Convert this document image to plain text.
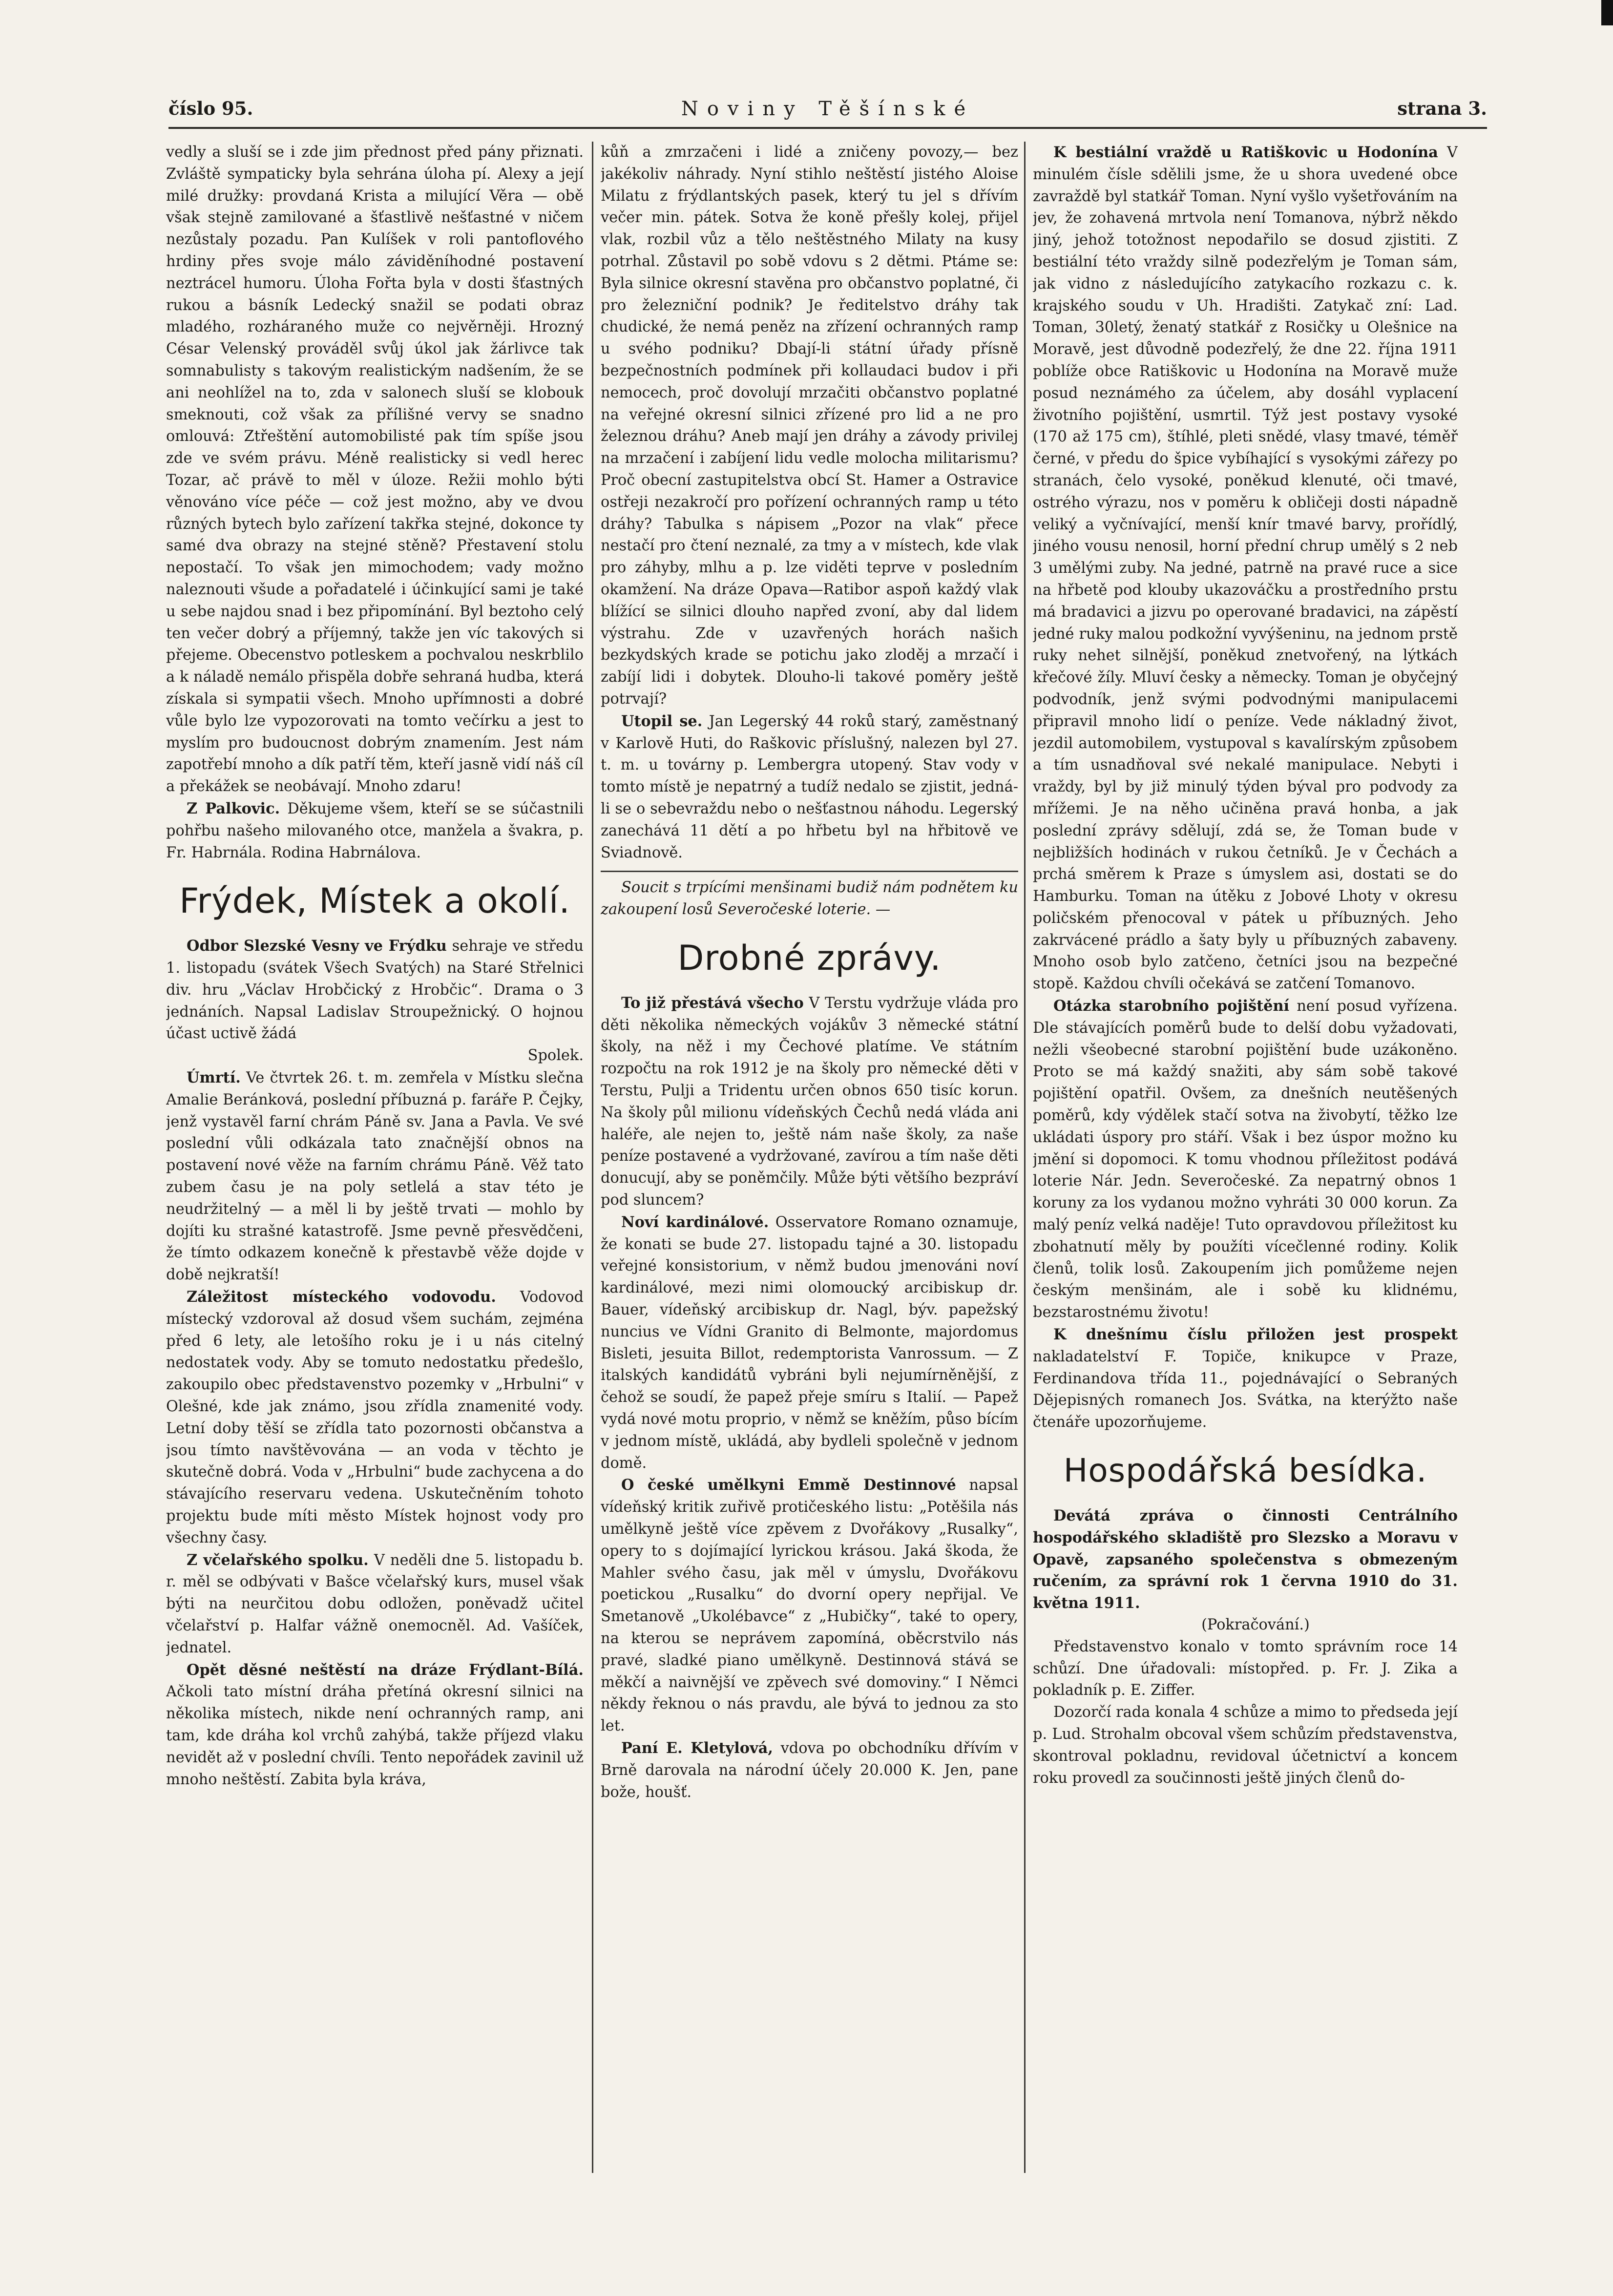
číslo 95.	Noviny Těšínské	strana 3.

vedly a sluší se i zde jim přednost před pány přiznati. Zvláště sympaticky byla sehrána úloha pí. Alexy a její milé družky: provdaná Krista a milující Věra — obě však stejně zamilované a šťastlivě nešťastné v ničem nezůstaly pozadu. Pan Kulíšek v roli pantoflového hrdiny přes svoje málo záviděníhodné postavení neztrácel humoru. Úloha Fořta byla v dosti šťastných rukou a básník Ledecký snažil se podati obraz mladého, rozháraného muže co nejvěrněji. Hrozný César Velenský prováděl svůj úkol jak žárlivce tak somnabulisty s takovým realistickým nadšením, že se ani neohlížel na to, zda v salonech sluší se klobouk smeknouti, což však za přílišné vervy se snadno omlouvá: Ztřeštění automobilisté pak tím spíše jsou zde ve svém právu. Méně realisticky si vedl herec Tozar, ač právě to měl v úloze. Režii mohlo býti věnováno více péče — což jest možno, aby ve dvou různých bytech bylo zařízení takřka stejné, dokonce ty samé dva obrazy na stejné stěně? Přestavení stolu nepostačí. To však jen mimochodem; vady možno naleznouti všude a pořadatelé i účinkující sami je také u sebe najdou snad i bez připomínání. Byl beztoho celý ten večer dobrý a příjemný, takže jen víc takových si přejeme. Obecenstvo potleskem a pochvalou neskrblilo a k náladě nemálo přispěla dobře sehraná hudba, která získala si sympatii všech. Mnoho upřímnosti a dobré vůle bylo lze vypozorovati na tomto večírku a jest to myslím pro budoucnost dobrým znamením. Jest nám zapotřebí mnoho a dík patří těm, kteří jasně vidí náš cíl a překážek se neobávají. Mnoho zdaru!

Z Palkovic. Děkujeme všem, kteří se se súčastnili pohřbu našeho milovaného otce, manžela a švakra, p. Fr. Habrnála. Rodina Habrnálova.

Frýdek, Místek a okolí.

Odbor Slezské Vesny ve Frýdku sehraje ve středu 1. listopadu (svátek Všech Svatých) na Staré Střelnici div. hru „Václav Hrobčický z Hrobčic“. Drama o 3 jednáních. Napsal Ladislav Stroupežnický. O hojnou účast uctivě žádá

Spolek.

Úmrtí. Ve čtvrtek 26. t. m. zemřela v Místku slečna Amalie Beránková, poslední příbuzná p. faráře P. Čejky, jenž vystavěl farní chrám Páně sv. Jana a Pavla. Ve své poslední vůli odkázala tato značnější obnos na postavení nové věže na farním chrámu Páně. Věž tato zubem času je na poly setlelá a stav této je neudržitelný — a měl li by ještě trvati — mohlo by dojíti ku strašné katastrofě. Jsme pevně přesvědčeni, že tímto odkazem konečně k přestavbě věže dojde v době nejkratší!

Záležitost místeckého vodovodu. Vodovod místecký vzdoroval až dosud všem suchám, zejména před 6 lety, ale letošího roku je i u nás citelný nedostatek vody. Aby se tomuto nedostatku předešlo, zakoupilo obec představenstvo pozemky v „Hrbulni“ v Olešné, kde jak známo, jsou zřídla znamenité vody. Letní doby těší se zřídla tato pozornosti občanstva a jsou tímto navštěvována — an voda v těchto je skutečně dobrá. Voda v „Hrbulni“ bude zachycena a do stávajícího reservaru vedena. Uskutečněním tohoto projektu bude míti město Místek hojnost vody pro všechny časy.

Z včelařského spolku. V neděli dne 5. listopadu b. r. měl se odbývati v Bašce včelařský kurs, musel však býti na neurčitou dobu odložen, poněvadž učitel včelařství p. Halfar vážně onemocněl. Ad. Vašíček, jednatel.

Opět děsné neštěstí na dráze Frýdlant-Bílá. Ačkoli tato místní dráha přetíná okresní silnici na několika místech, nikde není ochranných ramp, ani tam, kde dráha kol vrchů zahýbá, takže příjezd vlaku nevidět až v poslední chvíli. Tento nepořádek zavinil už mnoho neštěstí. Zabita byla kráva,

kůň a zmrzačeni i lidé a zničeny povozy,— bez jakékoliv náhrady. Nyní stihlo neštěstí jistého Aloise Milatu z frýdlantských pasek, který tu jel s dřívím večer min. pátek. Sotva že koně přešly kolej, přijel vlak, rozbil vůz a tělo neštěstného Milaty na kusy potrhal. Zůstavil po sobě vdovu s 2 dětmi. Ptáme se: Byla silnice okresní stavěna pro občanstvo poplatné, či pro železniční podnik? Je ředitelstvo dráhy tak chudické, že nemá peněz na zřízení ochranných ramp u svého podniku? Dbají-li státní úřady přísně bezpečnostních podmínek při kollaudaci budov i při nemocech, proč dovolují mrzačiti občanstvo poplatné na veřejné okresní silnici zřízené pro lid a ne pro železnou dráhu? Aneb mají jen dráhy a závody privilej na mrzačení i zabíjení lidu vedle molocha militarismu? Proč obecní zastupitelstva obcí St. Hamer a Ostravice ostřeji nezakročí pro pořízení ochranných ramp u této dráhy? Tabulka s nápisem „Pozor na vlak“ přece nestačí pro čtení neznalé, za tmy a v místech, kde vlak pro záhyby, mlhu a p. lze viděti teprve v posledním okamžení. Na dráze Opava—Ratibor aspoň každý vlak blížící se silnici dlouho napřed zvoní, aby dal lidem výstrahu. Zde v uzavřených horách našich bezkydských krade se potichu jako zloděj a mrzačí i zabíjí lidi i dobytek. Dlouho-li takové poměry ještě potrvají?

Utopil se. Jan Legerský 44 roků starý, zaměstnaný v Karlově Huti, do Raškovic příslušný, nalezen byl 27. t. m. u továrny p. Lembergra utopený. Stav vody v tomto místě je nepatrný a tudíž nedalo se zjistit, jedná-li se o sebevraždu nebo o nešťastnou náhodu. Legerský zanechává 11 dětí a po hřbetu byl na hřbitově ve Sviadnově.

Soucit s trpícími menšinami budiž nám podnětem ku zakoupení losů Severočeské loterie. —

Drobné zprávy.

To již přestává všecho V Terstu vydržuje vláda pro děti několika německých vojákův 3 německé státní školy, na něž i my Čechové platíme. Ve státním rozpočtu na rok 1912 je na školy pro německé děti v Terstu, Pulji a Tridentu určen obnos 650 tisíc korun. Na školy půl milionu vídeňských Čechů nedá vláda ani haléře, ale nejen to, ještě nám naše školy, za naše peníze postavené a vydržované, zavírou a tím naše děti donucují, aby se poněmčily. Může býti většího bezpráví pod sluncem?

Noví kardinálové. Osservatore Romano oznamuje, že konati se bude 27. listopadu tajné a 30. listopadu veřejné konsistorium, v němž budou jmenováni noví kardinálové, mezi nimi olomoucký arcibiskup dr. Bauer, vídeňský arcibiskup dr. Nagl, býv. papežský nuncius ve Vídni Granito di Belmonte, majordomus Bisleti, jesuita Billot, redemptorista Vanrossum. — Z italských kandidátů vybráni byli nejumírněnější, z čehož se soudí, že papež přeje smíru s Italií. — Papež vydá nové motu proprio, v němž se kněžím, půso bícím v jednom místě, ukládá, aby bydleli společně v jednom domě.

O české umělkyni Emmě Destinnové napsal vídeňský kritik zuřivě protičeského listu: „Potěšila nás umělkyně ještě více zpěvem z Dvořákovy „Rusalky“, opery to s dojímající lyrickou krásou. Jaká škoda, že Mahler svého času, jak měl v úmyslu, Dvořákovu poetickou „Rusalku“ do dvorní opery nepřijal. Ve Smetanově „Ukolébavce“ z „Hubičky“, také to opery, na kterou se neprávem zapomíná, oběcrstvilo nás pravé, sladké piano umělkyně. Destinnová stává se měkčí a naivnější ve zpěvech své domoviny.“ I Němci někdy řeknou o nás pravdu, ale bývá to jednou za sto let.

Paní E. Kletylová, vdova po obchodníku dřívím v Brně darovala na národní účely 20.000 K. Jen, pane bože, houšť.

K bestiální vraždě u Ratiškovic u Hodonína V minulém čísle sdělili jsme, že u shora uvedené obce zavraždě byl statkář Toman. Nyní vyšlo vyšetřováním na jev, že zohavená mrtvola není Tomanova, nýbrž někdo jiný, jehož totožnost nepodařilo se dosud zjistiti. Z bestiální této vraždy silně podezřelým je Toman sám, jak vidno z následujícího zatykacího rozkazu c. k. krajského soudu v Uh. Hradišti. Zatykač zní: Lad. Toman, 30letý, ženatý statkář z Rosičky u Olešnice na Moravě, jest důvodně podezřelý, že dne 22. října 1911 poblíže obce Ratiškovic u Hodonína na Moravě muže posud neznámého za účelem, aby dosáhl vyplacení životního pojištění, usmrtil. Týž jest postavy vysoké (170 až 175 cm), štíhlé, pleti snědé, vlasy tmavé, téměř černé, v předu do špice vybíhající s vysokými zářezy po stranách, čelo vysoké, poněkud klenuté, oči tmavé, ostrého výrazu, nos v poměru k obličeji dosti nápadně veliký a vyčnívající, menší knír tmavé barvy, prořídlý, jiného vousu nenosil, horní přední chrup umělý s 2 neb 3 umělými zuby. Na jedné, patrně na pravé ruce a sice na hřbetě pod klouby ukazováčku a prostředního prstu má bradavici a jizvu po operované bradavici, na zápěstí jedné ruky malou podkožní vyvýšeninu, na jednom prstě ruky nehet silnější, poněkud znetvořený, na lýtkách křečové žíly. Mluví česky a německy. Toman je obyčejný podvodník, jenž svými podvodnými manipulacemi připravil mnoho lidí o peníze. Vede nákladný život, jezdil automobilem, vystupoval s kavalírským způsobem a tím usnadňoval své nekalé manipulace. Nebyti i vraždy, byl by již minulý týden býval pro podvody za mřížemi. Je na něho učiněna pravá honba, a jak poslední zprávy sdělují, zdá se, že Toman bude v nejbližších hodinách v rukou četníků. Je v Čechách a prchá směrem k Praze s úmyslem asi, dostati se do Hamburku. Toman na útěku z Jobové Lhoty v okresu poličském přenocoval v pátek u příbuzných. Jeho zakrvácené prádlo a šaty byly u příbuzných zabaveny. Mnoho osob bylo zatčeno, četníci jsou na bezpečné stopě. Každou chvíli očekává se zatčení Tomanovo.

Otázka starobního pojištění není posud vyřízena. Dle stávajících poměrů bude to delší dobu vyžadovati, nežli všeobecné starobní pojištění bude uzákoněno. Proto se má každý snažiti, aby sám sobě takové pojištění opatřil. Ovšem, za dnešních neutěšených poměrů, kdy výdělek stačí sotva na živobytí, těžko lze ukládati úspory pro stáří. Však i bez úspor možno ku jmění si dopomoci. K tomu vhodnou příležitost podává loterie Nár. Jedn. Severočeské. Za nepatrný obnos 1 koruny za los vydanou možno vyhráti 30 000 korun. Za malý peníz velká naděje! Tuto opravdovou příležitost ku zbohatnutí měly by použíti vícečlenné rodiny. Kolik členů, tolik losů. Zakoupením jich pomůžeme nejen českým menšinám, ale i sobě ku klidnému, bezstarostnému životu!

K dnešnímu číslu přiložen jest prospekt nakladatelství F. Topiče, knikupce v Praze, Ferdinandova třída 11., pojednávající o Sebraných Dějepisných romanech Jos. Svátka, na kterýžto naše čtenáře upozorňujeme.

Hospodářská besídka.

Devátá zpráva o činnosti Centrálního hospodářského skladiště pro Slezsko a Moravu v Opavě, zapsaného společenstva s obmezeným ručením, za správní rok 1 června 1910 do 31. května 1911.

(Pokračování.)

Představenstvo konalo v tomto správním roce 14 schůzí. Dne úřadovali: místopřed. p. Fr. J. Zika a pokladník p. E. Ziffer.

Dozorčí rada konala 4 schůze a mimo to předseda její p. Lud. Strohalm obcoval všem schůzím představenstva, skontroval pokladnu, revidoval účetnictví a koncem roku provedl za součinnosti ještě jiných členů do-
